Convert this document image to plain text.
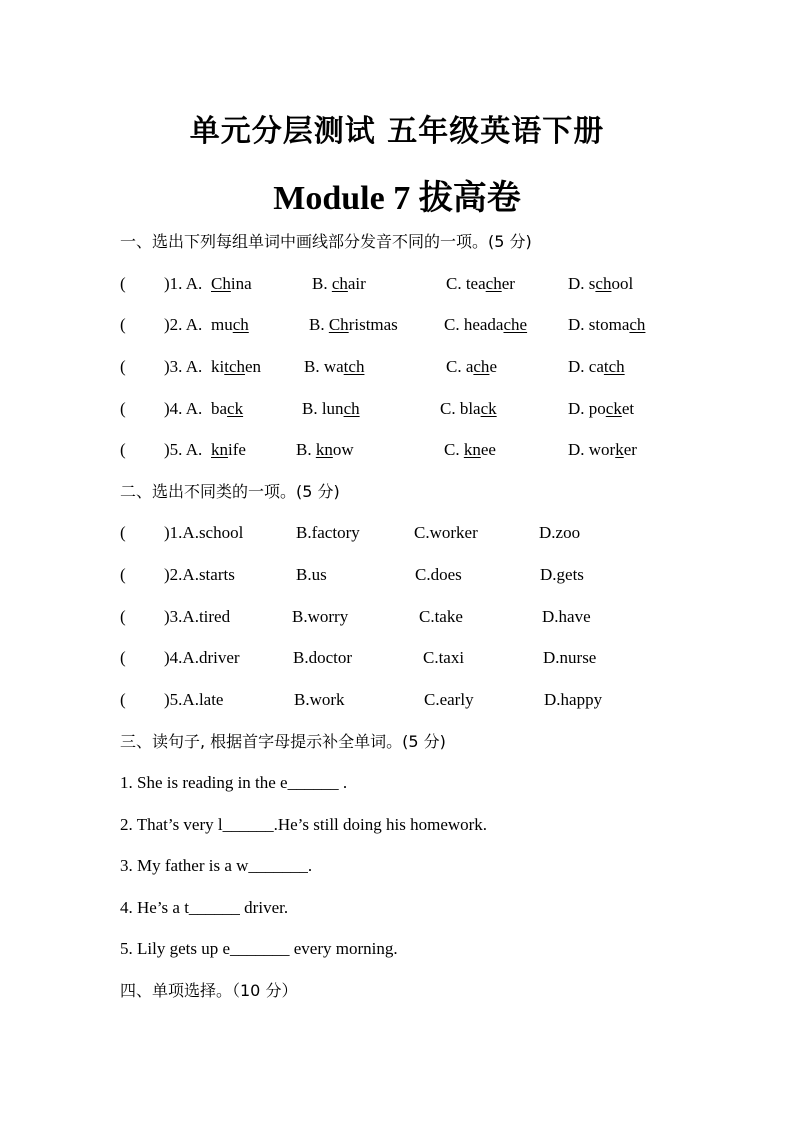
单元分层测试 五年级英语下册
Module 7 拔高卷
一、选出下列每组单词中画线部分发音不同的一项。(5 分)
( )1. A. China	B. chair	C. teacher	D. school
( )2. A. much	B. Christmas	C. headаche D. stomach
( )3. A. kitchen	B. watch	C. ache	D. catch
( )4. A. back	B. lunch	C. black	D. pocket
( )5. A. knife	B. know	C. knee	D. worker
二、选出不同类的一项。(5 分)
( )1.A.school	B.factory	C.worker	D.zoo
( )2.A.starts	B.us	C.does	D.gets
( )3.A.tired	B.worry	C.take	D.have
( )4.A.driver	B.doctor	C.taxi	D.nurse
( )5.A.late	B.work	C.early	D.happy
三、读句子, 根据首字母提示补全单词。(5 分)
1. She is reading in the e______ .
2. That’s very l______.He’s still doing his homework.
3. My father is a w_______.
4. He’s a t______ driver.
5. Lily gets up e_______ every morning.
四、单项选择。（10 分）
